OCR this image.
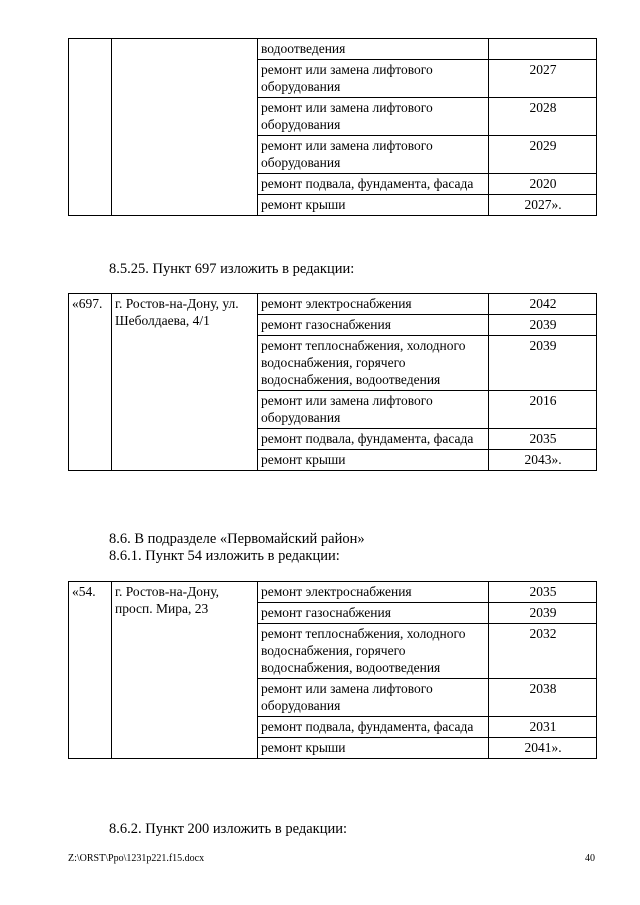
		водоотведения	
		ремонт или замена лифтового оборудования	2027
		ремонт или замена лифтового оборудования	2028
		ремонт или замена лифтового оборудования	2029
		ремонт подвала, фундамента, фасада	2020
		ремонт крыши	2027».
8.5.25. Пункт 697 изложить в редакции:
«697.	г. Ростов-на-Дону, ул. Шеболдаева, 4/1	ремонт электроснабжения	2042
		ремонт газоснабжения	2039
		ремонт теплоснабжения, холодного водоснабжения, горячего водоснабжения, водоотведения	2039
		ремонт или замена лифтового оборудования	2016
		ремонт подвала, фундамента, фасада	2035
		ремонт крыши	2043».
8.6. В подразделе «Первомайский район»
8.6.1. Пункт 54 изложить в редакции:
«54.	г. Ростов-на-Дону, просп. Мира, 23	ремонт электроснабжения	2035
		ремонт газоснабжения	2039
		ремонт теплоснабжения, холодного водоснабжения, горячего водоснабжения, водоотведения	2032
		ремонт или замена лифтового оборудования	2038
		ремонт подвала, фундамента, фасада	2031
		ремонт крыши	2041».
8.6.2. Пункт 200 изложить в редакции:
Z:\ORST\Ppo\1231p221.f15.docx	40
